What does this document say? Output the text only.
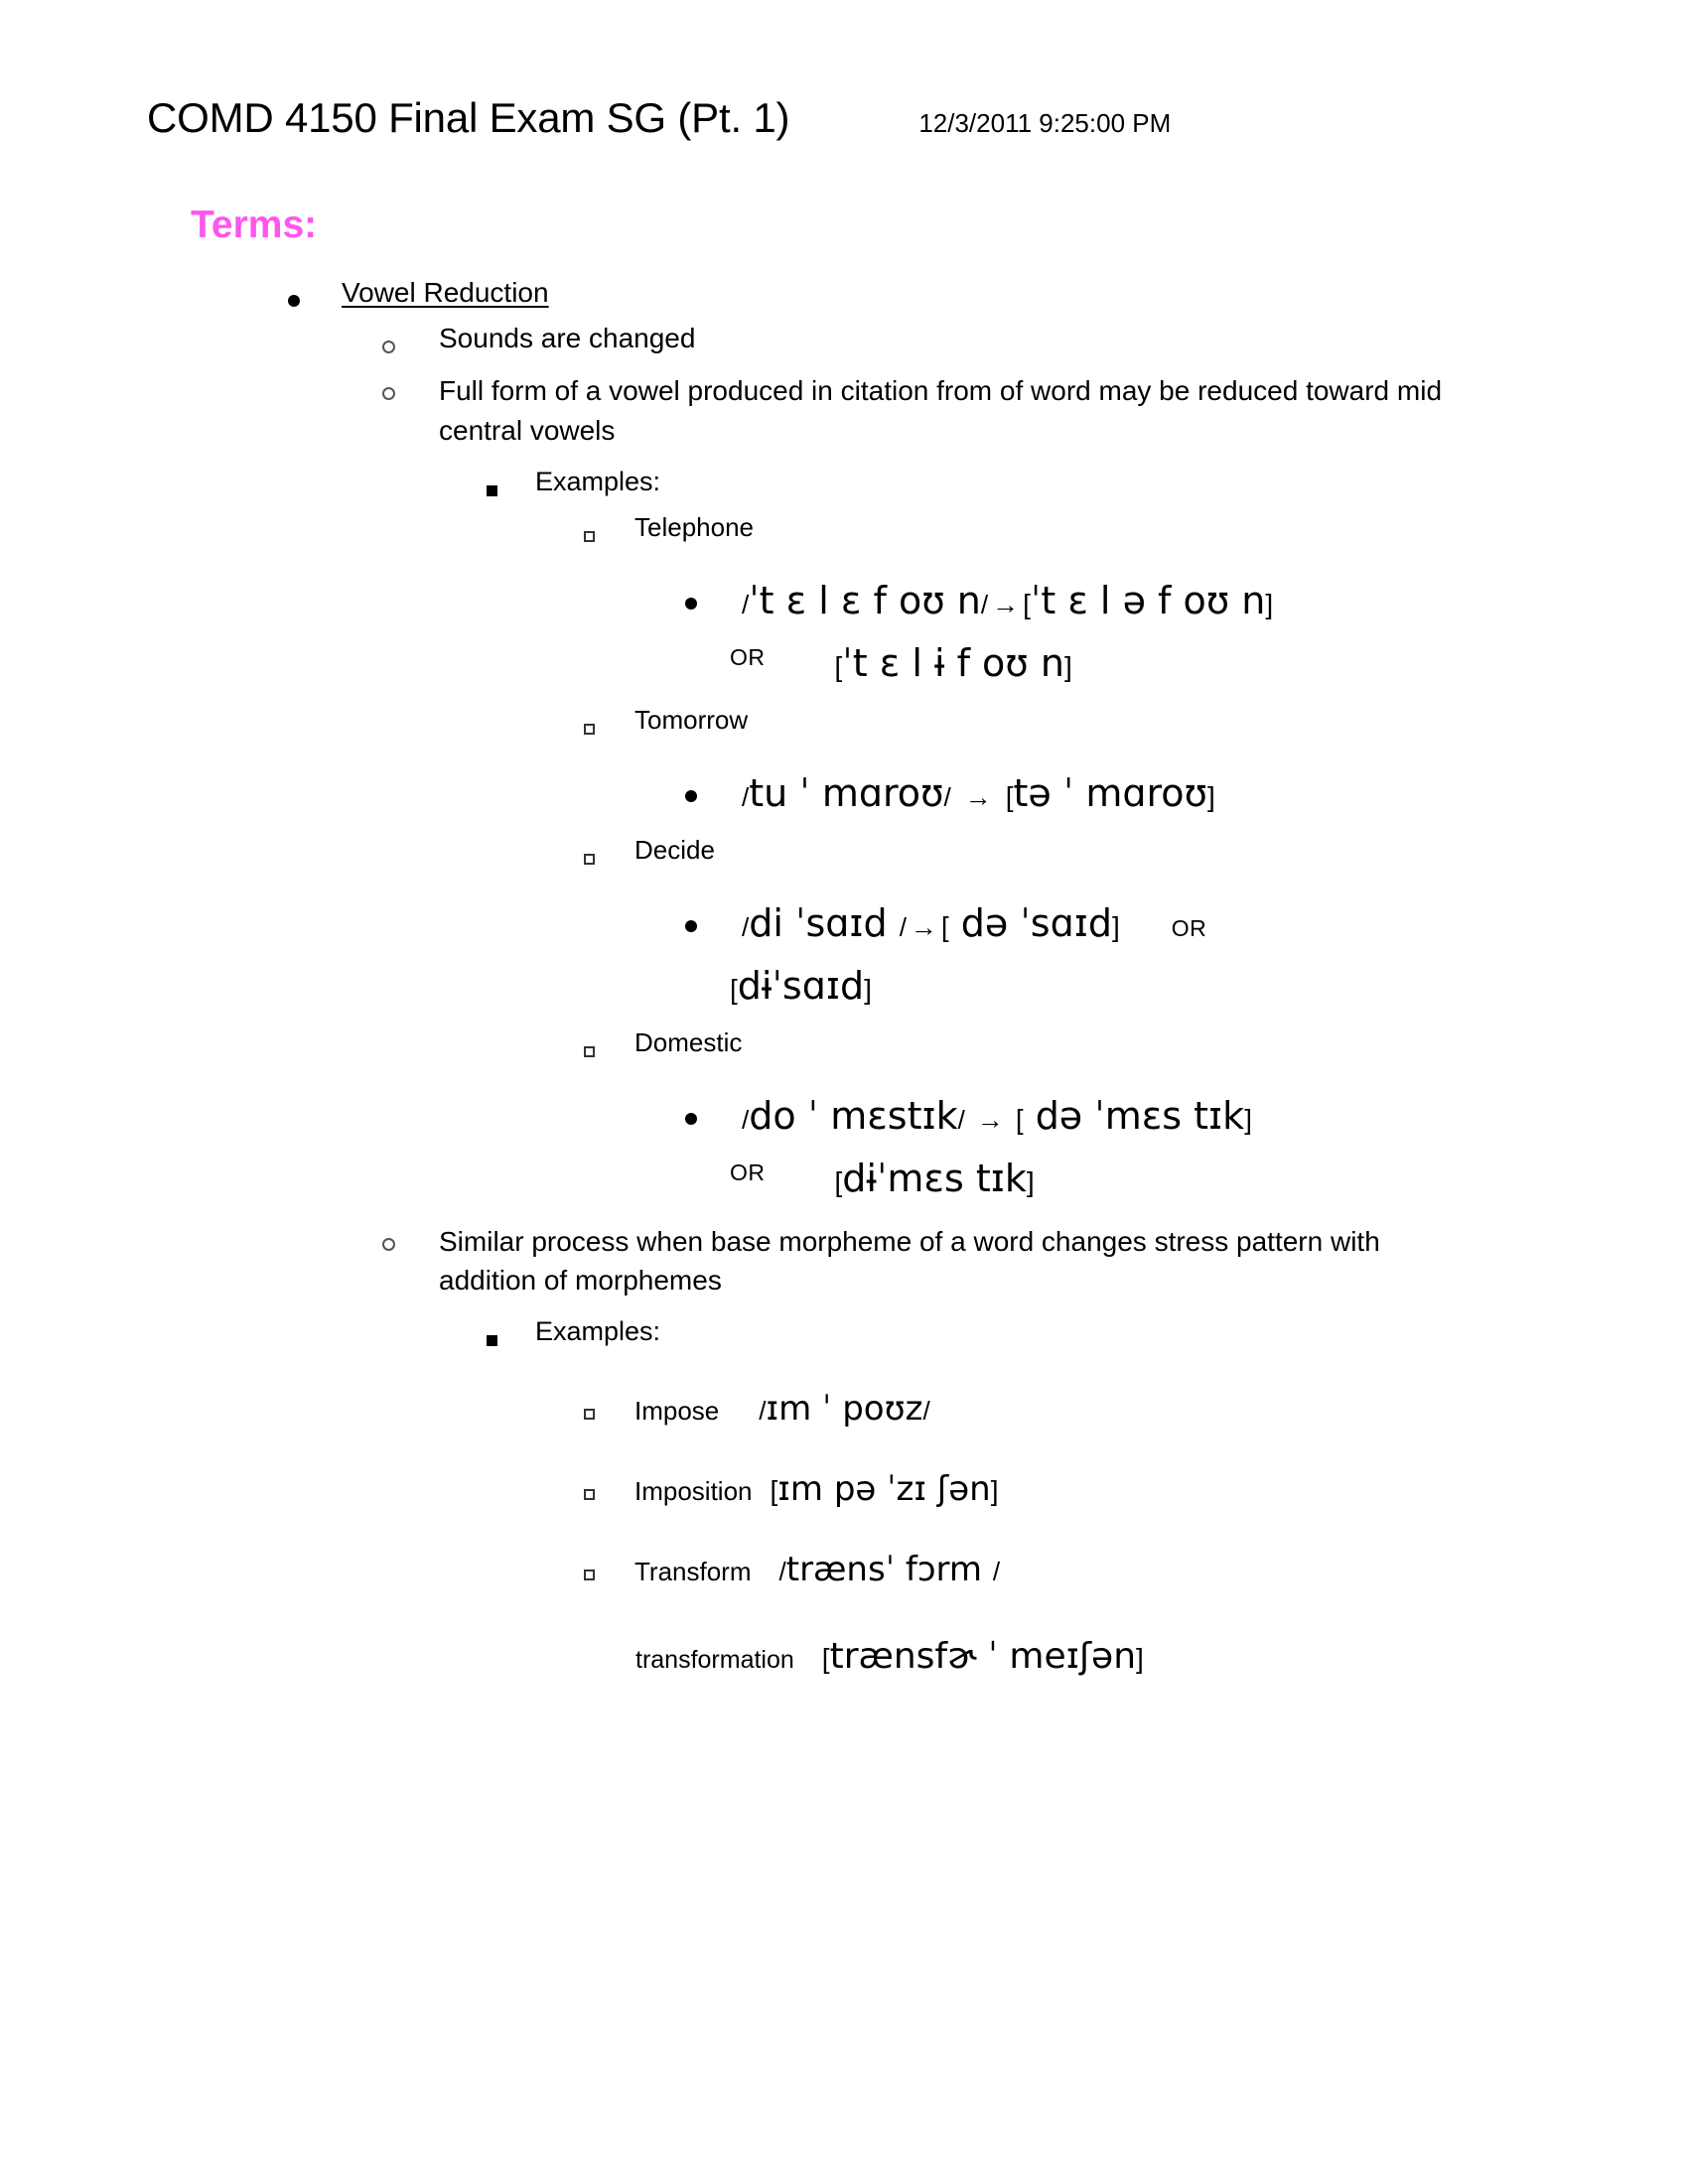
COMD 4150 Final Exam SG (Pt. 1)	12/3/2011 9:25:00 PM
Terms:
Vowel Reduction
Sounds are changed
Full form of a vowel produced in citation from of word may be reduced toward mid central vowels
Examples:
Telephone
/ ˈt ɛ l ɛ f oʊ n / → [ ˈt ɛ l ə f oʊ n ]
OR	[ ˈt ɛ l ɨ f oʊ n ]
Tomorrow
/ tu ˈ mɑroʊ / → [ tə ˈ mɑroʊ ]
Decide
/ di ˈsɑɪd / → [ də ˈsɑɪd ] OR
[ dɨˈsɑɪd ]
Domestic
/ do ˈ mɛstɪk / → [ də ˈmɛs tɪk ]
OR	[ dɨˈmɛs tɪk ]
Similar process when base morpheme of a word changes stress pattern with addition of morphemes
Examples:
Impose / ɪm ˈ poʊz /
Imposition [ ɪm pə ˈzɪ ʃən ]
Transform / trænsˈ fɔrm /
transformation [ trænsfɚ ˈ meɪʃən ]
